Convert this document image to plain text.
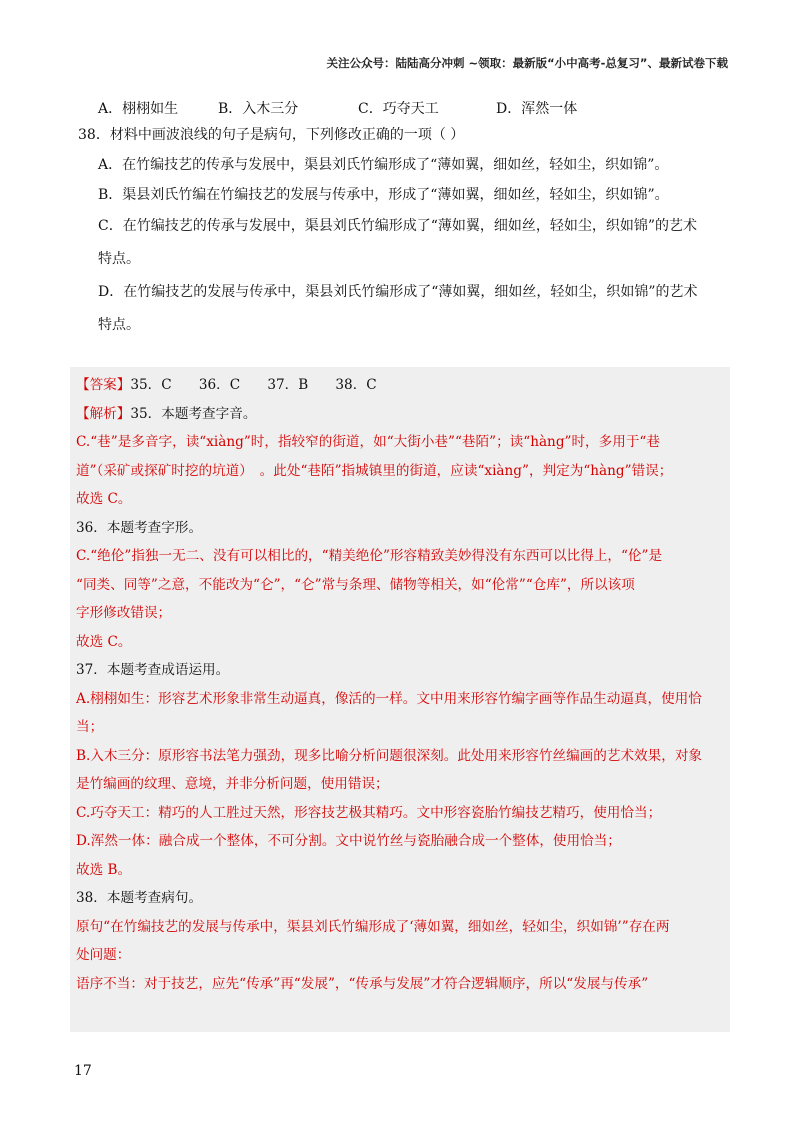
关注公众号：陆陆高分冲刺 ~领取：最新版“小中高考-总复习”、最新试卷下载
A．栩栩如生	B．入木三分	C．巧夺天工	D．浑然一体
38．材料中画波浪线的句子是病句，下列修改正确的一项（ ）
A．在竹编技艺的传承与发展中，渠县刘氏竹编形成了“薄如翼，细如丝，轻如尘，织如锦”。
B．渠县刘氏竹编在竹编技艺的发展与传承中，形成了“薄如翼，细如丝，轻如尘，织如锦”。
C．在竹编技艺的传承与发展中，渠县刘氏竹编形成了“薄如翼，细如丝，轻如尘，织如锦”的艺术
特点。
D．在竹编技艺的发展与传承中，渠县刘氏竹编形成了“薄如翼，细如丝，轻如尘，织如锦”的艺术
特点。
【答案】35．C　　36．C　　37．B　　38．C
【解析】35．本题考查字音。
C.“巷”是多音字，读“xiàng”时，指较窄的街道，如“大街小巷”“巷陌”；读“hàng”时，多用于“巷
道”（采矿或探矿时挖的坑道）　。此处“巷陌”指城镇里的街道，应读“xiàng”，判定为“hàng”错误；
故选 C。
36．本题考查字形。
C.“绝伦”指独一无二、没有可以相比的，“精美绝伦”形容精致美妙得没有东西可以比得上，“伦”是
“同类、同等”之意，不能改为“仑”，“仑”常与条理、储物等相关，如“伦常”“仓库”，所以该项
字形修改错误；
故选 C。
37．本题考查成语运用。
A.栩栩如生：形容艺术形象非常生动逼真，像活的一样。文中用来形容竹编字画等作品生动逼真，使用恰
当；
B.入木三分：原形容书法笔力强劲，现多比喻分析问题很深刻。此处用来形容竹丝编画的艺术效果，对象
是竹编画的纹理、意境，并非分析问题，使用错误；
C.巧夺天工：精巧的人工胜过天然，形容技艺极其精巧。文中形容瓷胎竹编技艺精巧，使用恰当；
D.浑然一体：融合成一个整体，不可分割。文中说竹丝与瓷胎融合成一个整体，使用恰当；
故选 B。
38．本题考查病句。
原句“在竹编技艺的发展与传承中，渠县刘氏竹编形成了‘薄如翼，细如丝，轻如尘，织如锦’”存在两
处问题：
语序不当：对于技艺，应先“传承”再“发展”，“传承与发展”才符合逻辑顺序，所以“发展与传承”
17
